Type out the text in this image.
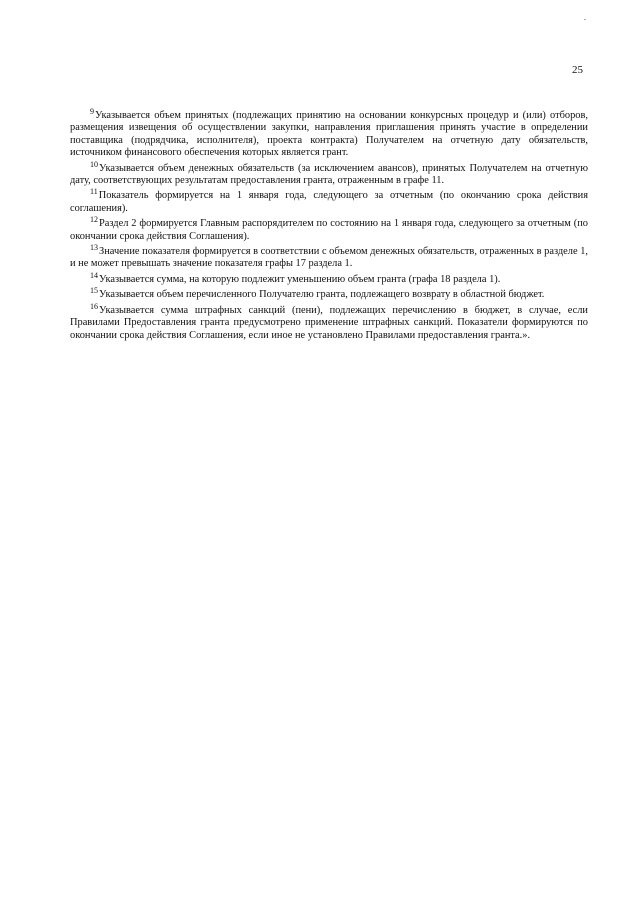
.
25

$^9$Указывается объем принятых (подлежащих принятию на основании конкурсных процедур и (или) отборов, размещения извещения об осуществлении закупки, направления приглашения принять участие в определении поставщика (подрядчика, исполнителя), проекта контракта) Получателем на отчетную дату обязательств, источником финансового обеспечения которых является грант.

$^{10}$Указывается объем денежных обязательств (за исключением авансов), принятых Получателем на отчетную дату, соответствующих результатам предоставления гранта, отраженным в графе 11.

$^{11}$Показатель формируется на 1 января года, следующего за отчетным (по окончанию срока действия соглашения).

$^{12}$Раздел 2 формируется Главным распорядителем по состоянию на 1 января года, следующего за отчетным (по окончании срока действия Соглашения).

$^{13}$Значение показателя формируется в соответствии с объемом денежных обязательств, отраженных в разделе 1, и не может превышать значение показателя графы 17 раздела 1.

$^{14}$Указывается сумма, на которую подлежит уменьшению объем гранта (графа 18 раздела 1).

$^{15}$Указывается объем перечисленного Получателю гранта, подлежащего возврату в областной бюджет.

$^{16}$Указывается сумма штрафных санкций (пени), подлежащих перечислению в бюджет, в случае, если Правилами Предоставления гранта предусмотрено применение штрафных санкций. Показатели формируются по окончании срока действия Соглашения, если иное не установлено Правилами предоставления гранта.».
